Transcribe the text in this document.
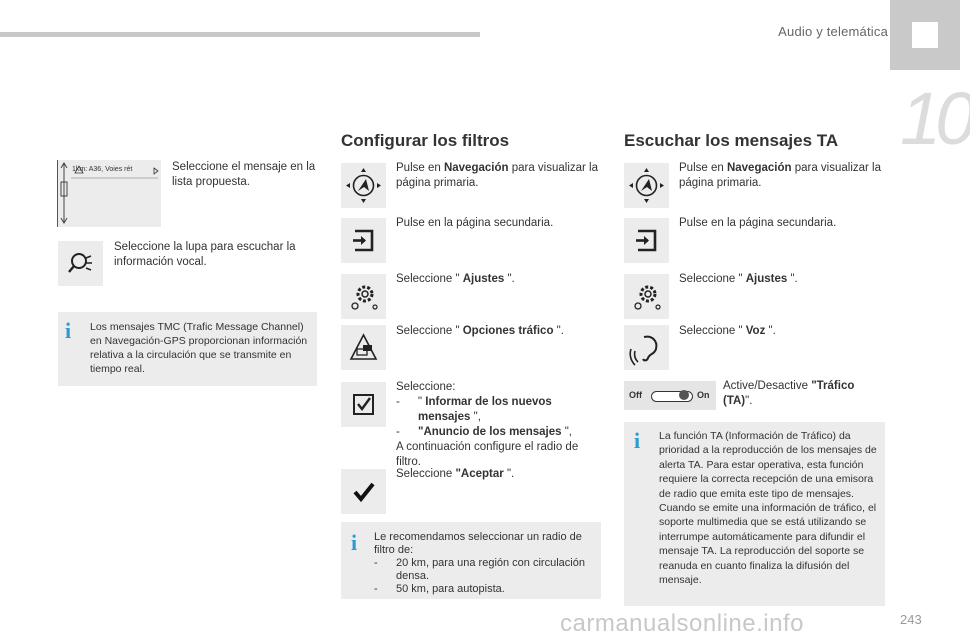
Audio y telemática
10
carmanualsonline.info	243
1km: A36, Voies rét	Seleccione el mensaje en la lista propuesta.
Seleccione la lupa para escuchar la información vocal.
i Los mensajes TMC (Trafic Message Channel) en Navegación-GPS proporcionan información relativa a la circulación que se transmite en tiempo real.
Configurar los filtros
Pulse en Navegación para visualizar la página primaria.
Pulse en la página secundaria.
Seleccione " Ajustes ".
Seleccione " Opciones tráfico ".
Seleccione:
-	" Informar de los nuevos mensajes ",
-	"Anuncio de los mensajes ",
A continuación configure el radio de filtro.
Seleccione "Aceptar ".
i Le recomendamos seleccionar un radio de filtro de:
-	20 km, para una región con circulación densa.
-	50 km, para autopista.
Escuchar los mensajes TA
Pulse en Navegación para visualizar la página primaria.
Pulse en la página secundaria.
Seleccione " Ajustes ".
Seleccione " Voz ".
Off	On
Active/Desactive "Tráfico (TA)".
i La función TA (Información de Tráfico) da prioridad a la reproducción de los mensajes de alerta TA. Para estar operativa, esta función requiere la correcta recepción de una emisora de radio que emita este tipo de mensajes. Cuando se emite una información de tráfico, el soporte multimedia que se está utilizando se interrumpe automáticamente para difundir el mensaje TA. La reproducción del soporte se reanuda en cuanto finaliza la difusión del mensaje.
